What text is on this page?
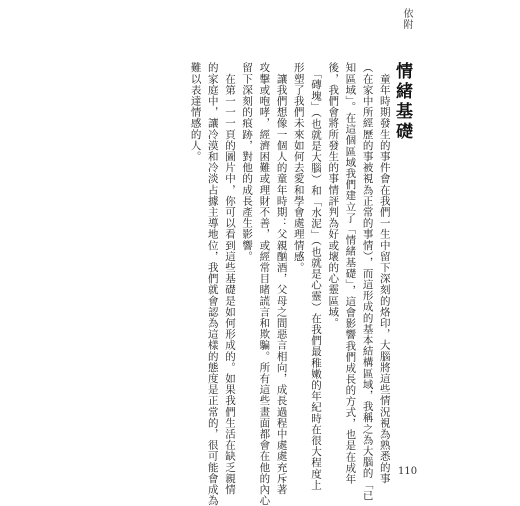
依附
情緒基礎
　童年時期發生的事件會在我們一生中留下深刻的烙印，大腦將這些情況視為熟悉的事
（在家中所經歷的事被視為正常的事情），而這形成的基本結構區域，我稱之為大腦的「已
知區域」。在這個區域我們建立了「情緒基礎」，這會影響我們成長的方式，也是在成年
後，我們會將所發生的事情評判為好或壞的心靈區域。
　「磚塊」（也就是大腦）和「水泥」（也就是心靈）在我們最稚嫩的年紀時在很大程度上
形塑了我們未來如何去愛和學會處理情感。
　讓我們想像一個人的童年時期：父親酗酒，父母之間惡言相向，成長過程中處處充斥著
攻擊或咆哮，經濟困難或理財不善，或經常目睹謊言和欺騙。所有這些畫面都會在他的內心
留下深刻的痕跡，對他的成長產生影響。
　在第一一一頁的圖片中，你可以看到這些基礎是如何形成的。如果我們生活在缺乏親情
的家庭中，讓冷漠和冷淡占據主導地位，我們就會認為這樣的態度是正常的，很可能會成為
難以表達情感的人。
110
